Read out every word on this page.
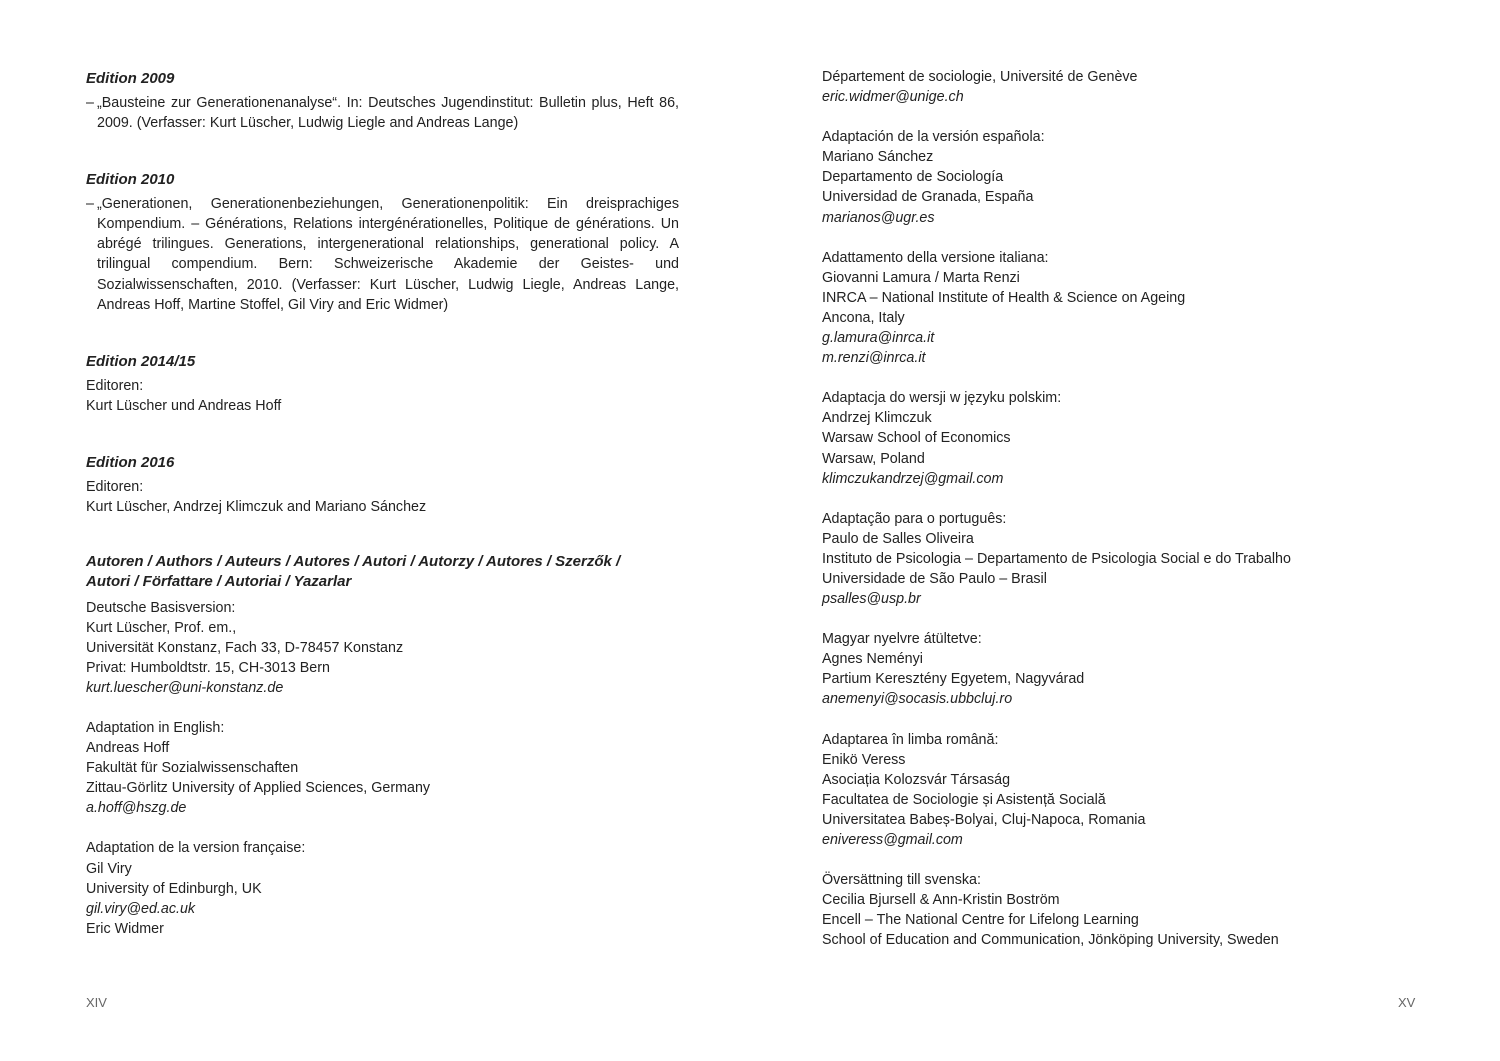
Edition 2009
– „Bausteine zur Generationenanalyse“. In: Deutsches Jugendinstitut: Bulletin plus, Heft 86, 2009. (Verfasser: Kurt Lüscher, Ludwig Liegle and Andreas Lange)
Edition 2010
– „Generationen, Generationenbeziehungen, Generationenpolitik: Ein dreisprachiges Kompendium. – Générations, Relations intergénérationelles, Politique de générations. Un abrégé trilingues. Generations, intergenerational relationships, generational policy. A trilingual compendium. Bern: Schweizerische Akademie der Geistes- und Sozialwissenschaften, 2010. (Verfasser: Kurt Lüscher, Ludwig Liegle, Andreas Lange, Andreas Hoff, Martine Stoffel, Gil Viry and Eric Widmer)
Edition 2014/15
Editoren:
Kurt Lüscher und Andreas Hoff
Edition 2016
Editoren:
Kurt Lüscher, Andrzej Klimczuk and Mariano Sánchez
Autoren / Authors / Auteurs / Autores / Autori / Autorzy / Autores / Szerzők /
Autori / Författare / Autoriai / Yazarlar
Deutsche Basisversion:
Kurt Lüscher, Prof. em.,
Universität Konstanz, Fach 33, D-78457 Konstanz
Privat: Humboldtstr. 15, CH-3013 Bern
kurt.luescher@uni-konstanz.de
Adaptation in English:
Andreas Hoff
Fakultät für Sozialwissenschaften
Zittau-Görlitz University of Applied Sciences, Germany
a.hoff@hszg.de
Adaptation de la version française:
Gil Viry
University of Edinburgh, UK
gil.viry@ed.ac.uk
Eric Widmer
XIV
Département de sociologie, Université de Genève
eric.widmer@unige.ch
Adaptación de la versión española:
Mariano Sánchez
Departamento de Sociología
Universidad de Granada, España
marianos@ugr.es
Adattamento della versione italiana:
Giovanni Lamura / Marta Renzi
INRCA – National Institute of Health & Science on Ageing
Ancona, Italy
g.lamura@inrca.it
m.renzi@inrca.it
Adaptacja do wersji w języku polskim:
Andrzej Klimczuk
Warsaw School of Economics
Warsaw, Poland
klimczukandrzej@gmail.com
Adaptação para o português:
Paulo de Salles Oliveira
Instituto de Psicologia – Departamento de Psicologia Social e do Trabalho
Universidade de São Paulo – Brasil
psalles@usp.br
Magyar nyelvre átültetve:
Agnes Neményi
Partium Keresztény Egyetem, Nagyvárad
anemenyi@socasis.ubbcluj.ro
Adaptarea în limba română:
Enikö Veress
Asociația Kolozsvár Társaság
Facultatea de Sociologie și Asistență Socială
Universitatea Babeș-Bolyai, Cluj-Napoca, Romania
eniveress@gmail.com
Översättning till svenska:
Cecilia Bjursell & Ann-Kristin Boström
Encell – The National Centre for Lifelong Learning
School of Education and Communication, Jönköping University, Sweden
XV
